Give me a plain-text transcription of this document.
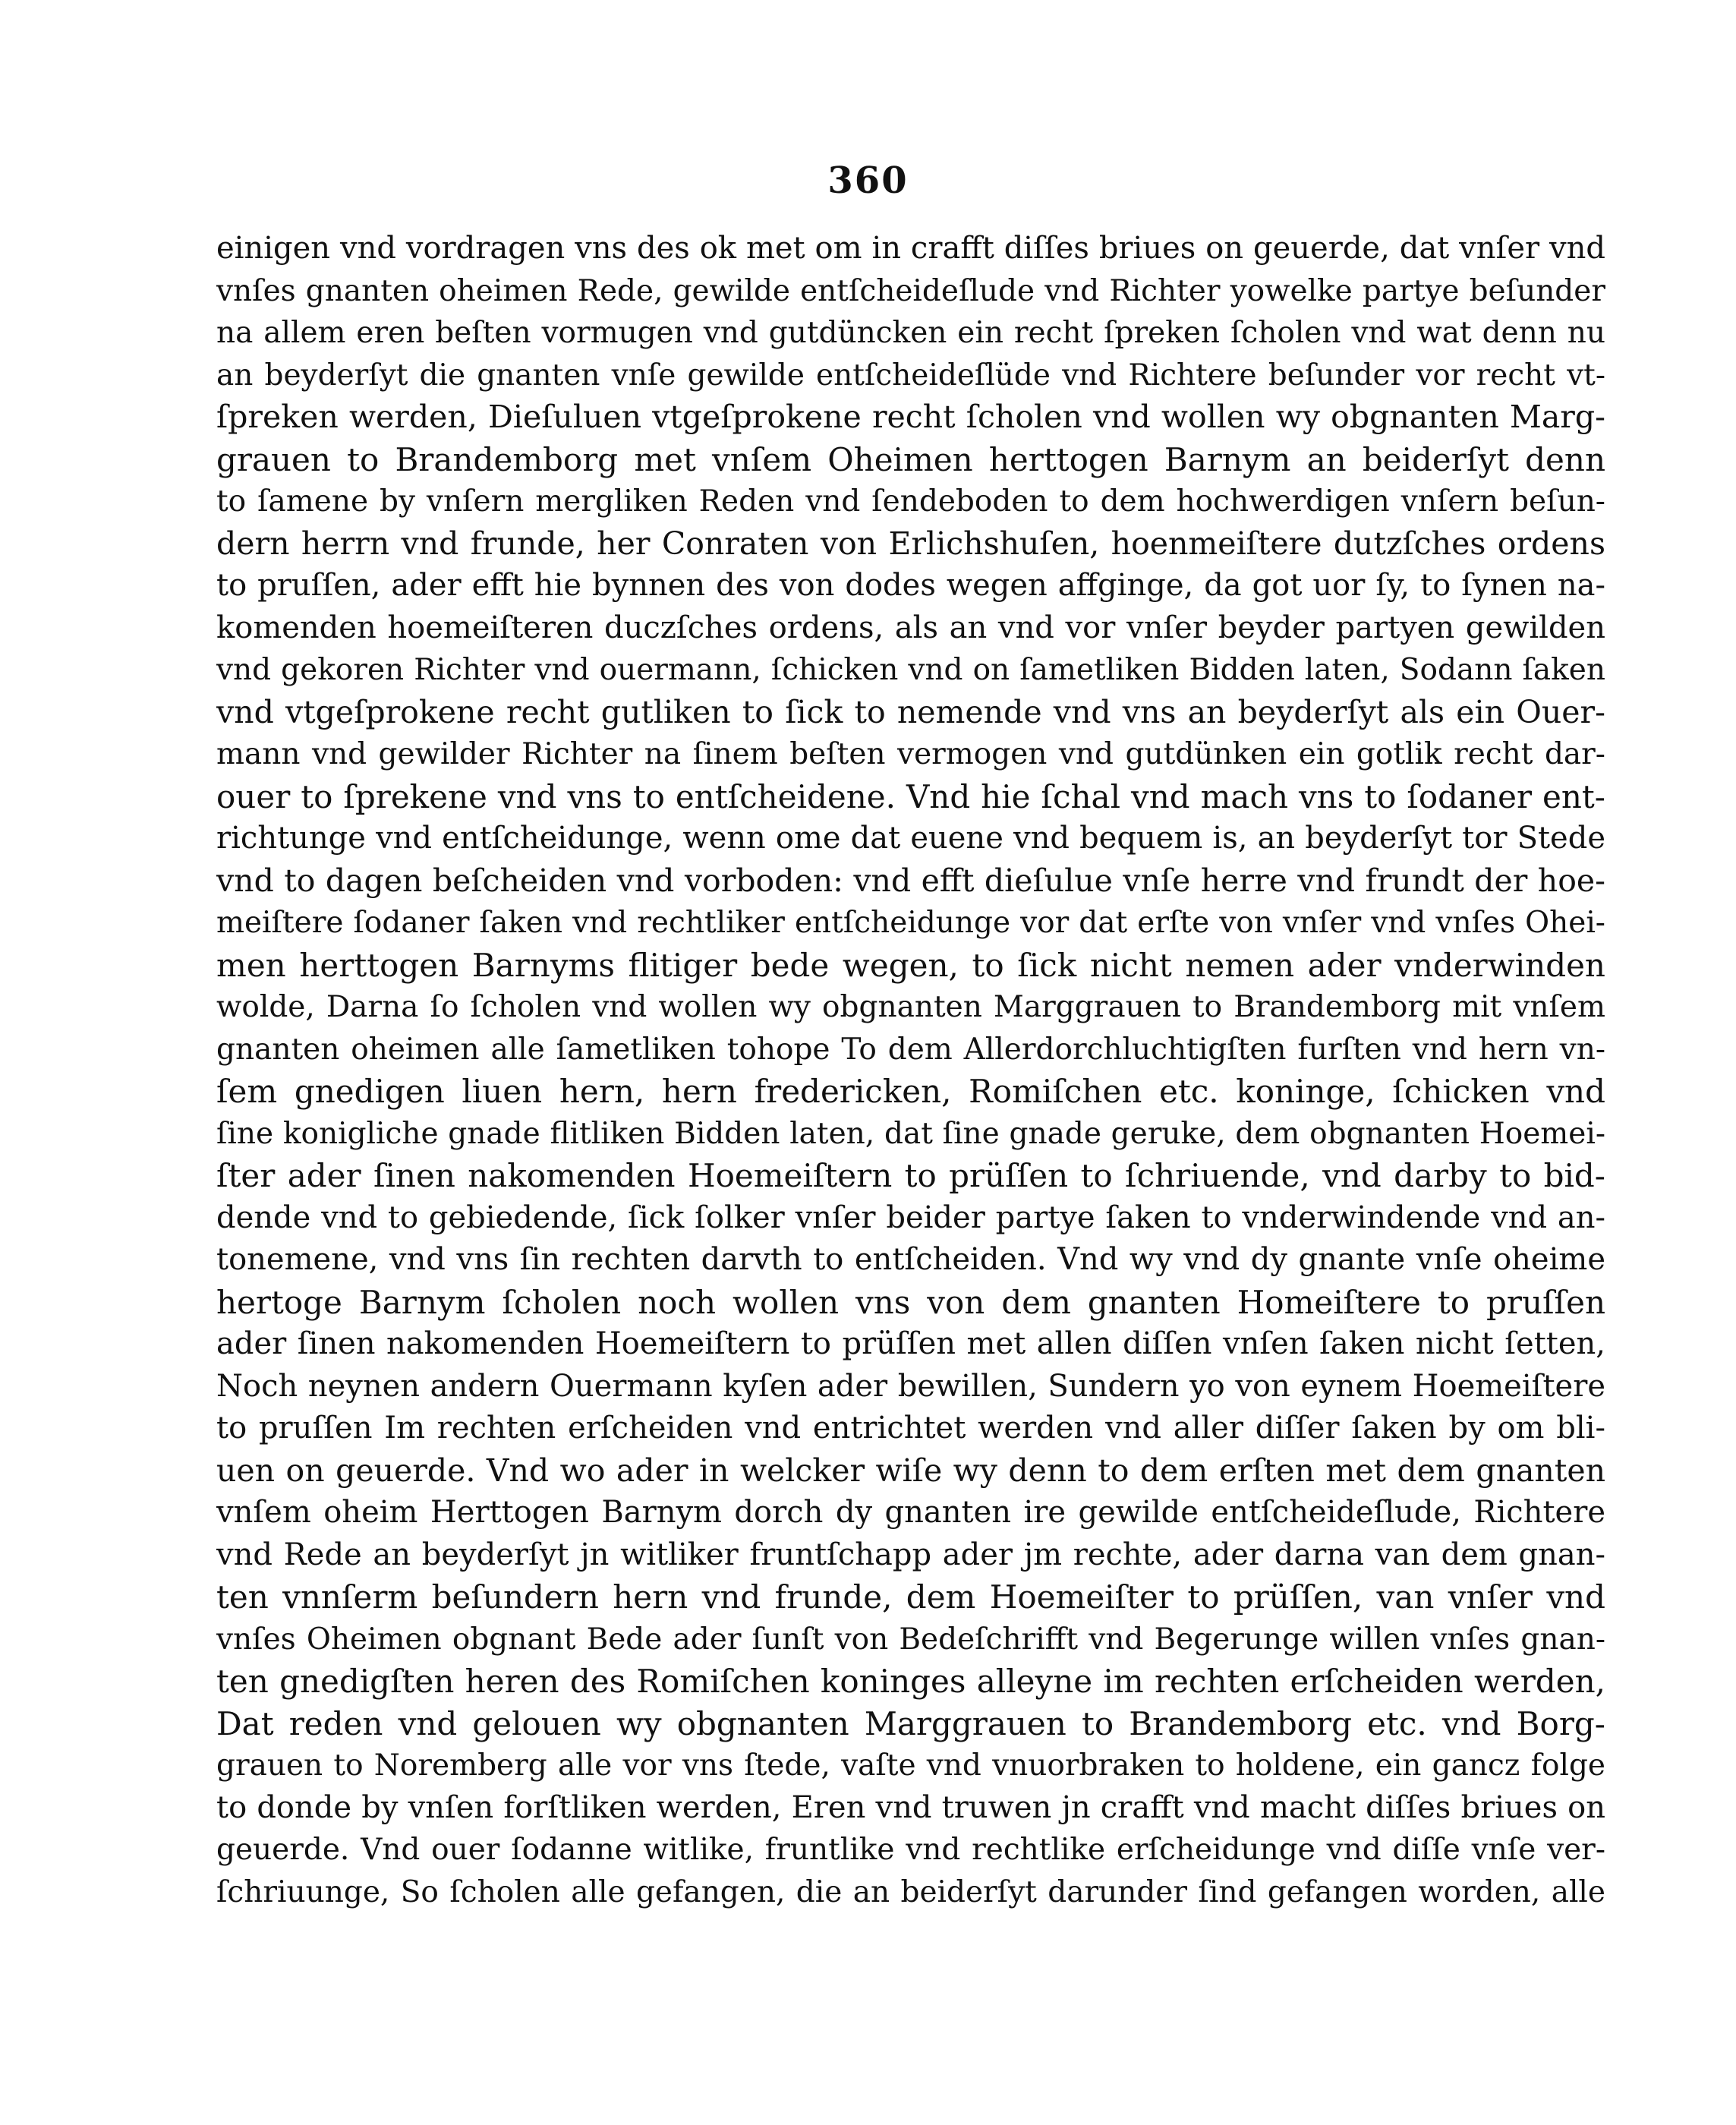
360
einigen vnd vordragen vns des ok met om in crafft diſſes briues on geuerde, dat vnſer vnd
vnſes gnanten oheimen Rede, gewilde entſcheideſlude vnd Richter yowelke partye beſunder
na allem eren beſten vormugen vnd gutdüncken ein recht ſpreken ſcholen vnd wat denn nu
an beyderſyt die gnanten vnſe gewilde entſcheideſlüde vnd Richtere beſunder vor recht vt-
ſpreken werden, Dieſuluen vtgeſprokene recht ſcholen vnd wollen wy obgnanten Marg-
grauen to Brandemborg met vnſem Oheimen herttogen Barnym an beiderſyt denn
to ſamene by vnſern mergliken Reden vnd ſendeboden to dem hochwerdigen vnſern beſun-
dern herrn vnd frunde, her Conraten von Erlichshuſen, hoenmeiſtere dutzſches ordens
to pruſſen, ader efft hie bynnen des von dodes wegen affginge, da got uor ſy, to ſynen na-
komenden hoemeiſteren duczſches ordens, als an vnd vor vnſer beyder partyen gewilden
vnd gekoren Richter vnd ouermann, ſchicken vnd on ſametliken Bidden laten, Sodann ſaken
vnd vtgeſprokene recht gutliken to ſick to nemende vnd vns an beyderſyt als ein Ouer-
mann vnd gewilder Richter na ſinem beſten vermogen vnd gutdünken ein gotlik recht dar-
ouer to ſprekene vnd vns to entſcheidene. Vnd hie ſchal vnd mach vns to ſodaner ent-
richtunge vnd entſcheidunge, wenn ome dat euene vnd bequem is, an beyderſyt tor Stede
vnd to dagen beſcheiden vnd vorboden: vnd efft dieſulue vnſe herre vnd frundt der hoe-
meiſtere ſodaner ſaken vnd rechtliker entſcheidunge vor dat erſte von vnſer vnd vnſes Ohei-
men herttogen Barnyms flitiger bede wegen, to ſick nicht nemen ader vnderwinden
wolde, Darna ſo ſcholen vnd wollen wy obgnanten Marggrauen to Brandemborg mit vnſem
gnanten oheimen alle ſametliken tohope To dem Allerdorchluchtigſten furſten vnd hern vn-
ſem gnedigen liuen hern, hern fredericken, Romiſchen etc. koninge, ſchicken vnd
ſine konigliche gnade flitliken Bidden laten, dat ſine gnade geruke, dem obgnanten Hoemei-
ſter ader ſinen nakomenden Hoemeiſtern to prüſſen to ſchriuende, vnd darby to bid-
dende vnd to gebiedende, ſick ſolker vnſer beider partye ſaken to vnderwindende vnd an-
tonemene, vnd vns ſin rechten darvth to entſcheiden. Vnd wy vnd dy gnante vnſe oheime
hertoge Barnym ſcholen noch wollen vns von dem gnanten Homeiſtere to pruſſen
ader ſinen nakomenden Hoemeiſtern to prüſſen met allen diſſen vnſen ſaken nicht ſetten,
Noch neynen andern Ouermann kyſen ader bewillen, Sundern yo von eynem Hoemeiſtere
to pruſſen Im rechten erſcheiden vnd entrichtet werden vnd aller diſſer ſaken by om bli-
uen on geuerde. Vnd wo ader in welcker wiſe wy denn to dem erſten met dem gnanten
vnſem oheim Herttogen Barnym dorch dy gnanten ire gewilde entſcheideſlude, Richtere
vnd Rede an beyderſyt jn witliker fruntſchapp ader jm rechte, ader darna van dem gnan-
ten vnnſerm beſundern hern vnd frunde, dem Hoemeiſter to prüſſen, van vnſer vnd
vnſes Oheimen obgnant Bede ader ſunſt von Bedeſchrifft vnd Begerunge willen vnſes gnan-
ten gnedigſten heren des Romiſchen koninges alleyne im rechten erſcheiden werden,
Dat reden vnd gelouen wy obgnanten Marggrauen to Brandemborg etc. vnd Borg-
grauen to Noremberg alle vor vns ſtede, vaſte vnd vnuorbraken to holdene, ein gancz folge
to donde by vnſen forſtliken werden, Eren vnd truwen jn crafft vnd macht diſſes briues on
geuerde. Vnd ouer ſodanne witlike, fruntlike vnd rechtlike erſcheidunge vnd diſſe vnſe ver-
ſchriuunge, So ſcholen alle gefangen, die an beiderſyt darunder ſind gefangen worden, alle
